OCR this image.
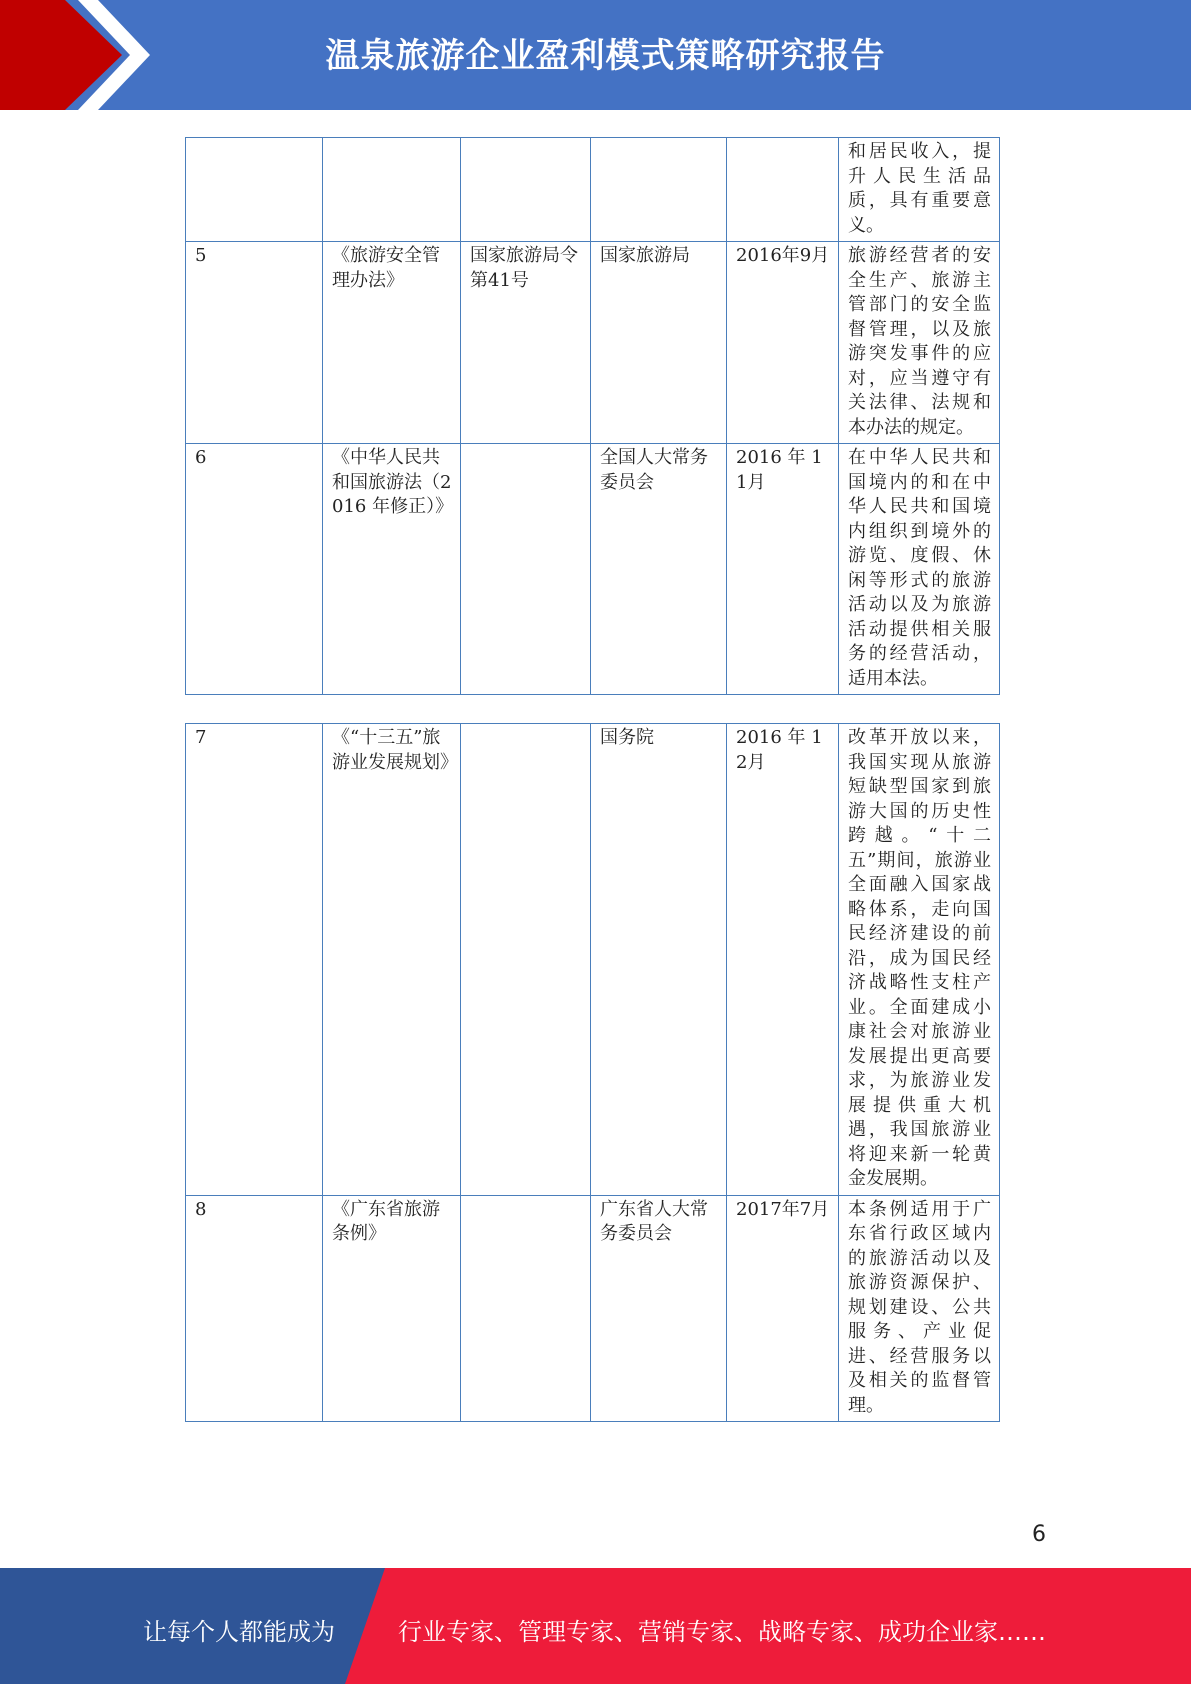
温泉旅游企业盈利模式策略研究报告
					和居民收入，提升人民生活品质，具有重要意义。
5	《旅游安全管理办法》	国家旅游局令第41号	国家旅游局	2016年9月	旅游经营者的安全生产、旅游主管部门的安全监督管理，以及旅游突发事件的应对，应当遵守有关法律、法规和本办法的规定。
6	《中华人民共和国旅游法（2016 年修正）》		全国人大常务委员会	2016 年 11月	在中华人民共和国境内的和在中华人民共和国境内组织到境外的游览、度假、休闲等形式的旅游活动以及为旅游活动提供相关服务的经营活动，适用本法。
7	《“十三五”旅游业发展规划》		国务院	2016 年 12月	改革开放以来，我国实现从旅游短缺型国家到旅游大国的历史性跨越。“十二五”期间，旅游业全面融入国家战略体系，走向国民经济建设的前沿，成为国民经济战略性支柱产业。全面建成小康社会对旅游业发展提出更高要求，为旅游业发展提供重大机遇，我国旅游业将迎来新一轮黄金发展期。
8	《广东省旅游条例》		广东省人大常务委员会	2017年7月	本条例适用于广东省行政区域内的旅游活动以及旅游资源保护、规划建设、公共服务、产业促进、经营服务以及相关的监督管理。
6
让每个人都能成为	行业专家、管理专家、营销专家、战略专家、成功企业家……
